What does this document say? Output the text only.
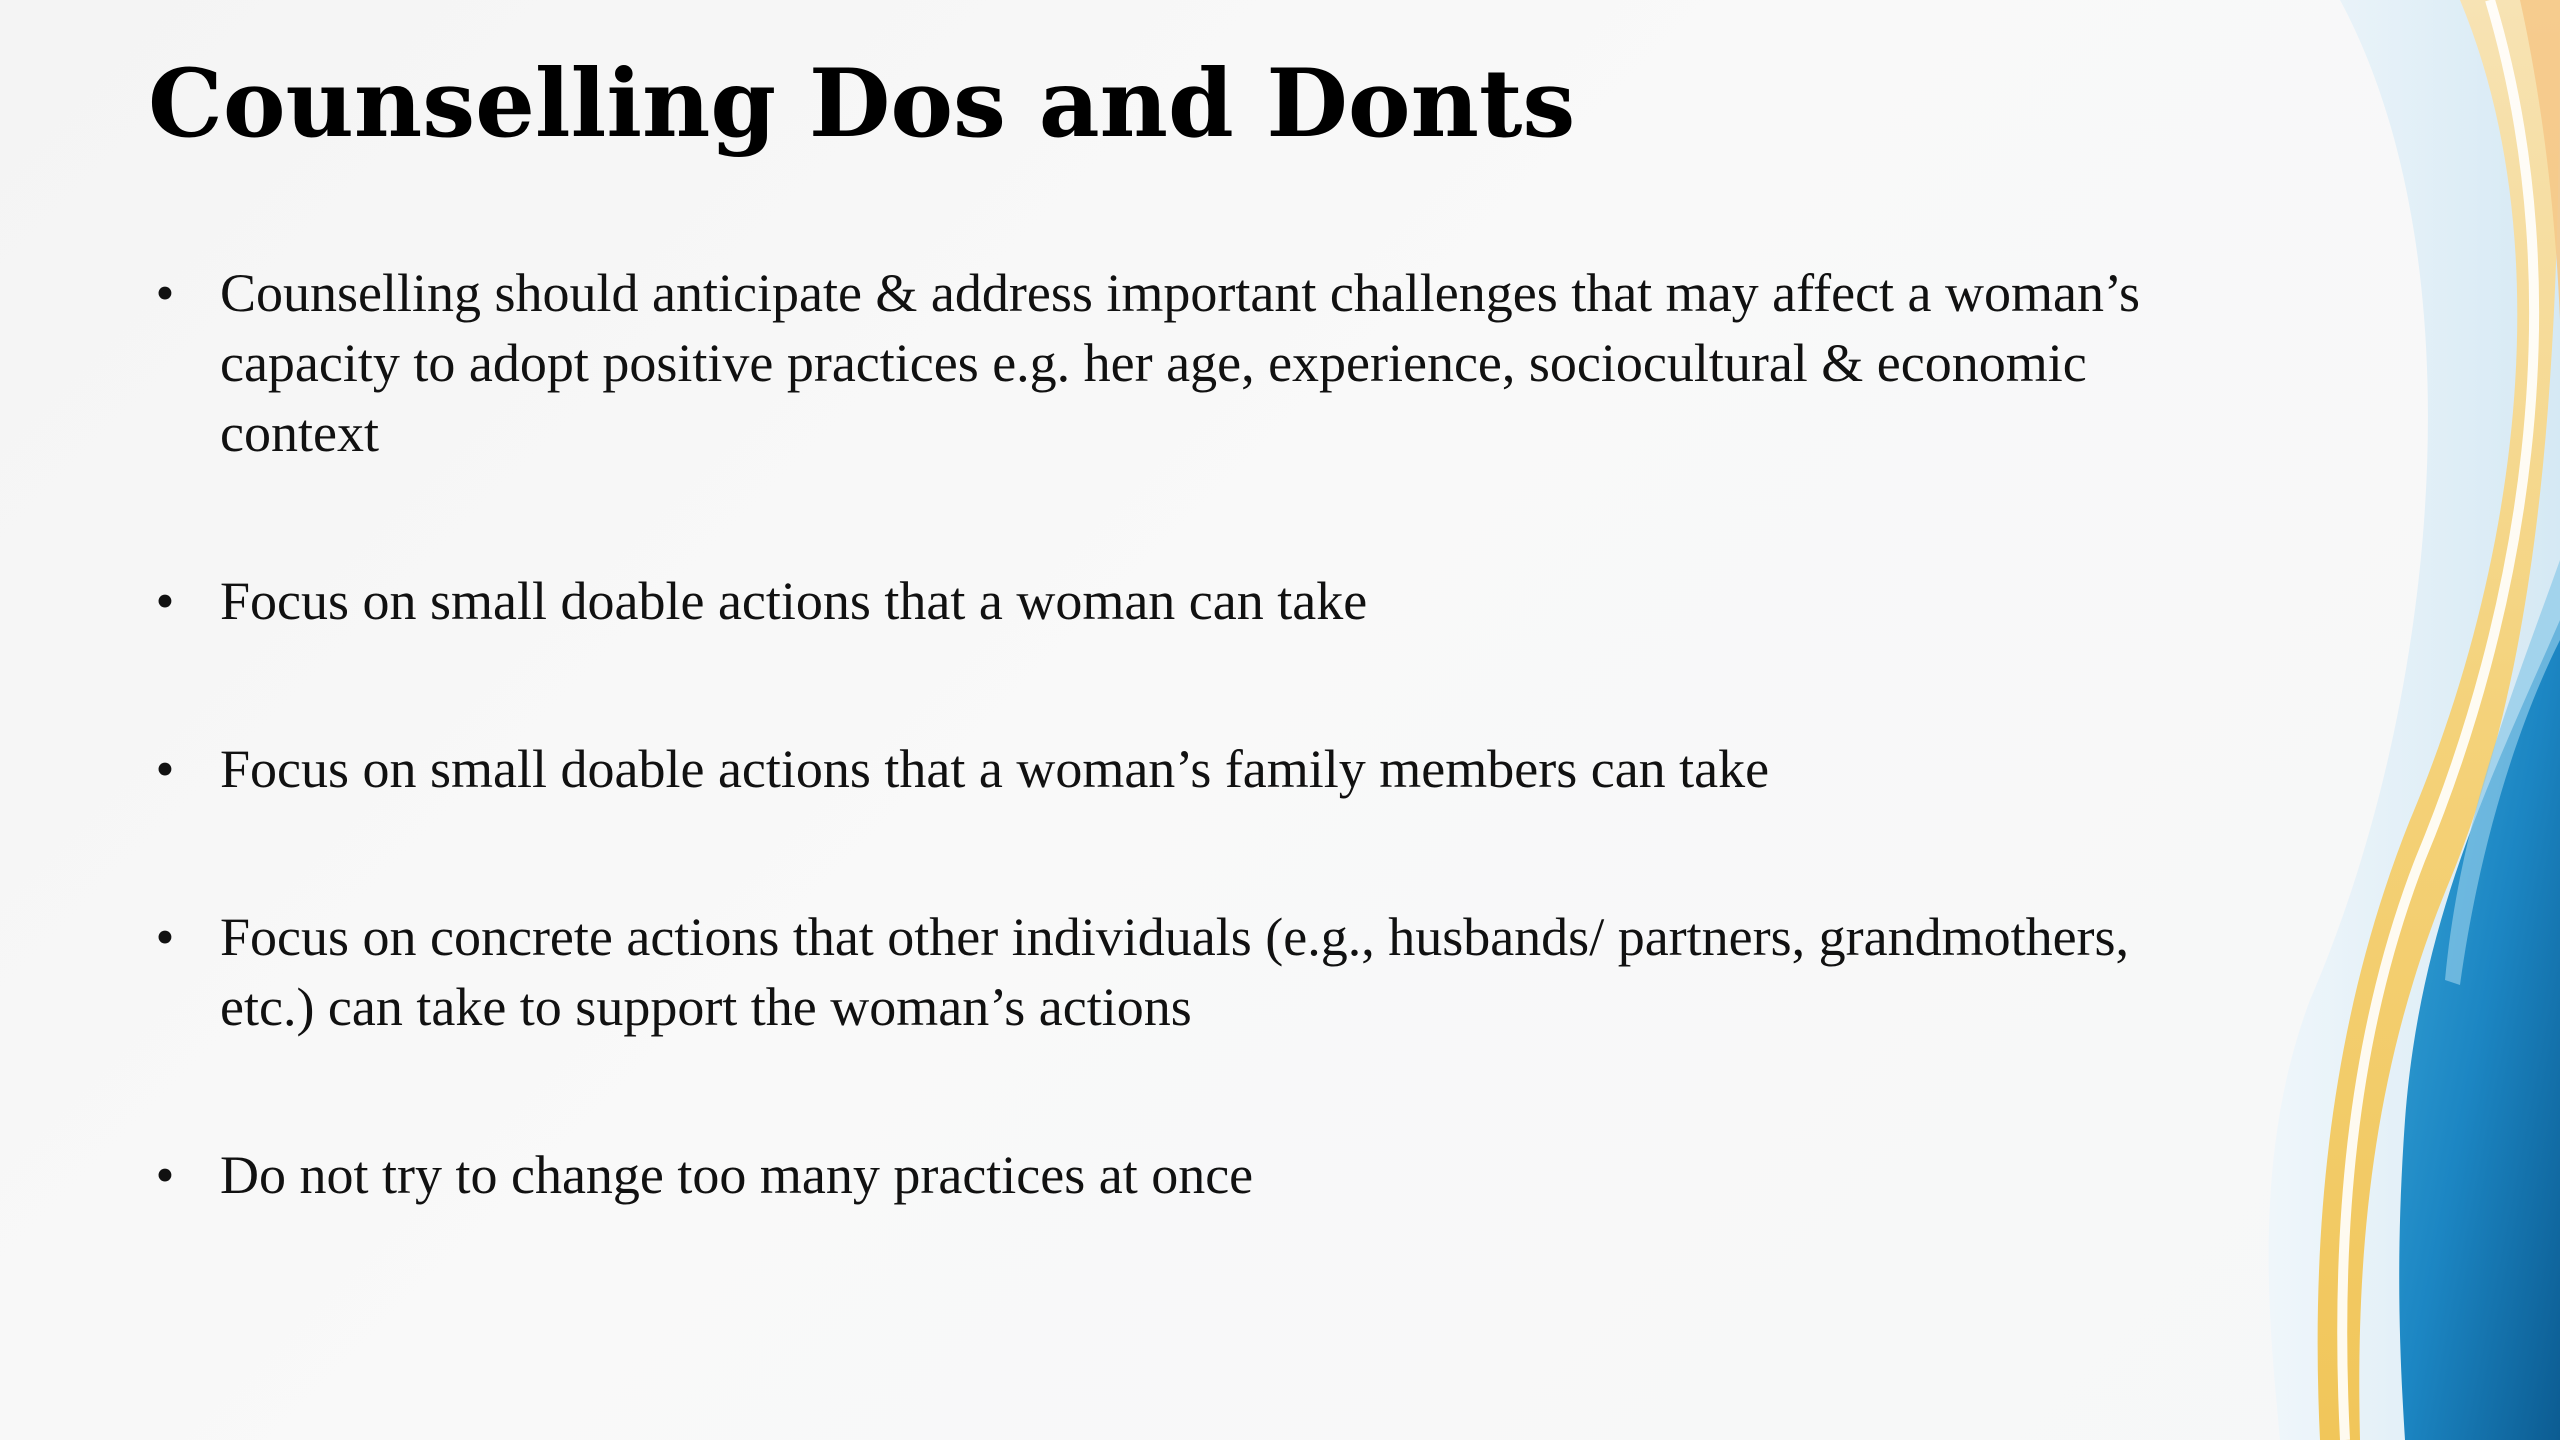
Counselling Dos and Donts
• Counselling should anticipate & address important challenges that may affect a woman’s capacity to adopt positive practices e.g. her age, experience, sociocultural & economic context
• Focus on small doable actions that a woman can take
• Focus on small doable actions that a woman’s family members can take
• Focus on concrete actions that other individuals (e.g., husbands/ partners, grandmothers, etc.) can take to support the woman’s actions
• Do not try to change too many practices at once
